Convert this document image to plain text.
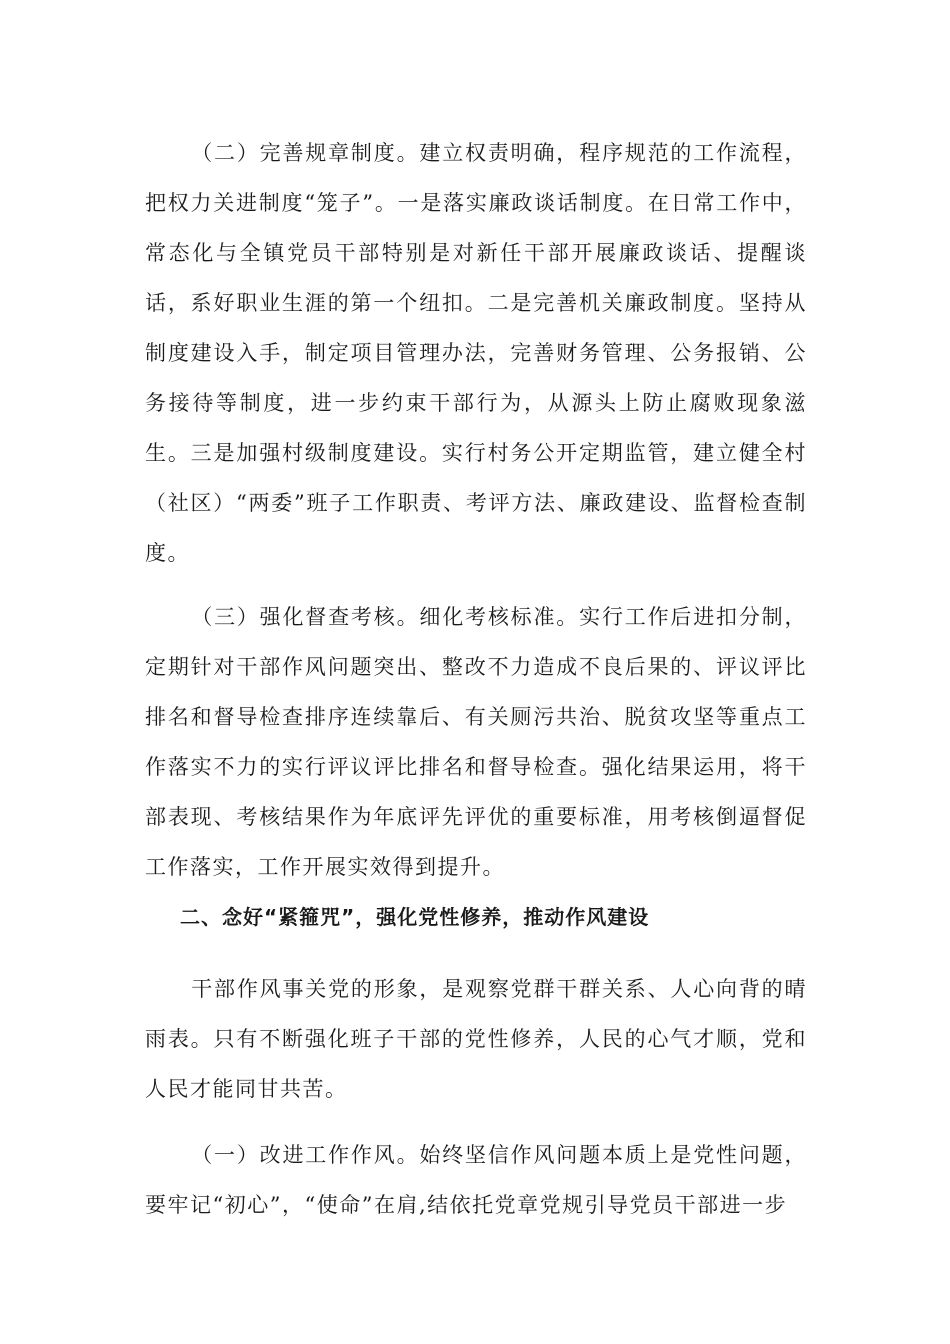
（二）完善规章制度。建立权责明确，程序规范的工作流程，把权力关进制度“笼子”。一是落实廉政谈话制度。在日常工作中，常态化与全镇党员干部特别是对新任干部开展廉政谈话、提醒谈话，系好职业生涯的第一个纽扣。二是完善机关廉政制度。坚持从制度建设入手，制定项目管理办法，完善财务管理、公务报销、公务接待等制度，进一步约束干部行为，从源头上防止腐败现象滋生。三是加强村级制度建设。实行村务公开定期监管，建立健全村（社区）“两委”班子工作职责、考评方法、廉政建设、监督检查制度。

（三）强化督查考核。细化考核标准。实行工作后进扣分制，定期针对干部作风问题突出、整改不力造成不良后果的、评议评比排名和督导检查排序连续靠后、有关厕污共治、脱贫攻坚等重点工作落实不力的实行评议评比排名和督导检查。强化结果运用，将干部表现、考核结果作为年底评先评优的重要标准，用考核倒逼督促工作落实，工作开展实效得到提升。

二、念好“紧箍咒”，强化党性修养，推动作风建设

干部作风事关党的形象，是观察党群干群关系、人心向背的晴雨表。只有不断强化班子干部的党性修养，人民的心气才顺，党和人民才能同甘共苦。

（一）改进工作作风。始终坚信作风问题本质上是党性问题，要牢记“初心”，“使命”在肩,结依托党章党规引导党员干部进一步
